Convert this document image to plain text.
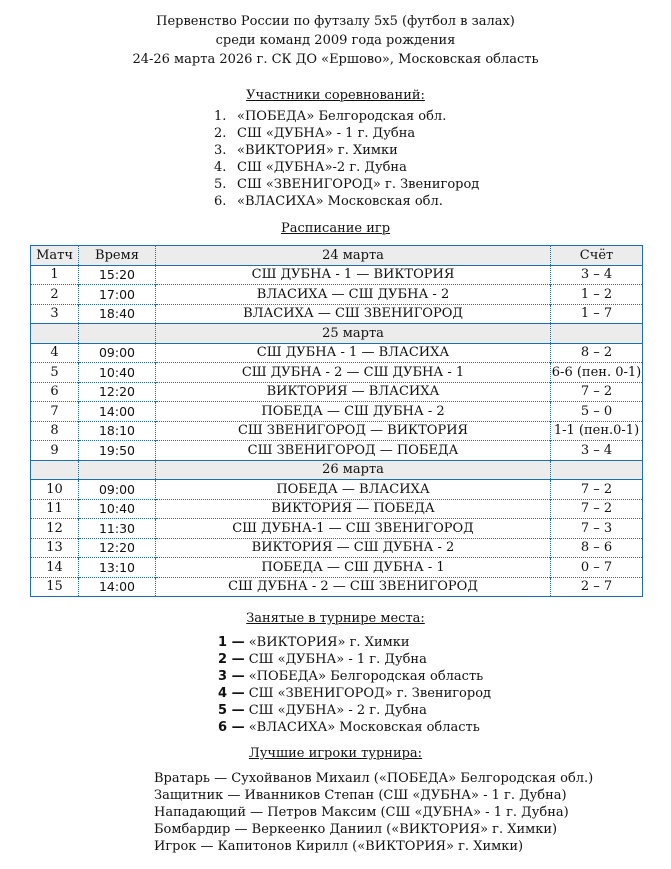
Первенство России по футзалу 5х5 (футбол в залах)
среди команд 2009 года рождения
24-26 марта 2026 г. СК ДО «Ершово», Московская область
Участники соревнований:
1. «ПОБЕДА» Белгородская обл.
2. СШ «ДУБНА» - 1 г. Дубна
3. «ВИКТОРИЯ» г. Химки
4. СШ «ДУБНА»-2 г. Дубна
5. СШ «ЗВЕНИГОРОД» г. Звенигород
6. «ВЛАСИХА» Московская обл.
Расписание игр
Матч	Время	24 марта	Счёт
1	15:20	СШ ДУБНА - 1 — ВИКТОРИЯ	3 – 4
2	17:00	ВЛАСИХА — СШ ДУБНА - 2	1 – 2
3	18:40	ВЛАСИХА — СШ ЗВЕНИГОРОД	1 – 7
		25 марта	
4	09:00	СШ ДУБНА - 1 — ВЛАСИХА	8 – 2
5	10:40	СШ ДУБНА - 2 — СШ ДУБНА - 1	6-6 (пен. 0-1)
6	12:20	ВИКТОРИЯ — ВЛАСИХА	7 – 2
7	14:00	ПОБЕДА — СШ ДУБНА - 2	5 – 0
8	18:10	СШ ЗВЕНИГОРОД — ВИКТОРИЯ	1-1 (пен.0-1)
9	19:50	СШ ЗВЕНИГОРОД — ПОБЕДА	3 – 4
		26 марта	
10	09:00	ПОБЕДА — ВЛАСИХА	7 – 2
11	10:40	ВИКТОРИЯ — ПОБЕДА	7 – 2
12	11:30	СШ ДУБНА-1 — СШ ЗВЕНИГОРОД	7 – 3
13	12:20	ВИКТОРИЯ — СШ ДУБНА - 2	8 – 6
14	13:10	ПОБЕДА — СШ ДУБНА - 1	0 – 7
15	14:00	СШ ДУБНА - 2 — СШ ЗВЕНИГОРОД	2 – 7
Занятые в турнире места:
1 — «ВИКТОРИЯ» г. Химки
2 — СШ «ДУБНА» - 1 г. Дубна
3 — «ПОБЕДА» Белгородская область
4 — СШ «ЗВЕНИГОРОД» г. Звенигород
5 — СШ «ДУБНА» - 2 г. Дубна
6 — «ВЛАСИХА» Московская область
Лучшие игроки турнира:
Вратарь — Сухойванов Михаил («ПОБЕДА» Белгородская обл.)
Защитник — Иванников Степан (СШ «ДУБНА» - 1 г. Дубна)
Нападающий — Петров Максим (СШ «ДУБНА» - 1 г. Дубна)
Бомбардир — Веркеенко Даниил («ВИКТОРИЯ» г. Химки)
Игрок — Капитонов Кирилл («ВИКТОРИЯ» г. Химки)
